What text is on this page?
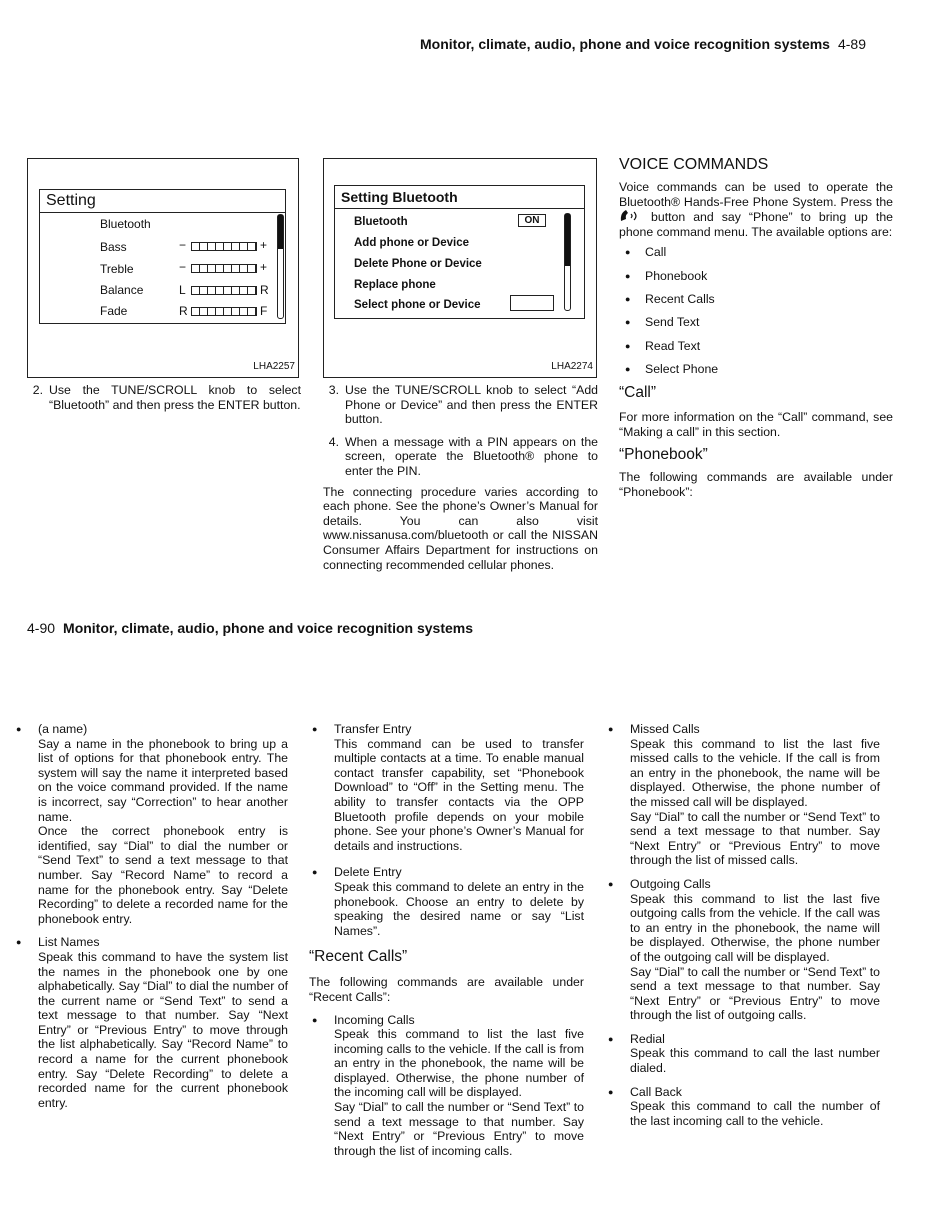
Monitor, climate, audio, phone and voice recognition systems 4-89
Setting
Bluetooth
Bass	−	+
Treble	−	+
Balance	L	R
Fade	R	F
LHA2257
Setting Bluetooth
Bluetooth	ON
Add phone or Device
Delete Phone or Device
Replace phone
Select phone or Device
LHA2274
2. Use the TUNE/SCROLL knob to select “Bluetooth” and then press the ENTER button.
3. Use the TUNE/SCROLL knob to select “Add Phone or Device” and then press the ENTER button.
4. When a message with a PIN appears on the screen, operate the Bluetooth® phone to enter the PIN.

The connecting procedure varies according to each phone. See the phone’s Owner’s Manual for details. You can also visit www.nissanusa.com/bluetooth or call the NISSAN Consumer Affairs Department for instructions on connecting recommended cellular phones.

VOICE COMMANDS

Voice commands can be used to operate the Bluetooth® Hands-Free Phone System. Press the  button and say “Phone” to bring up the phone command menu. The available options are:

● Call
● Phonebook
● Recent Calls
● Send Text
● Read Text
● Select Phone
“Call”

For more information on the “Call” command, see “Making a call” in this section.

“Phonebook”

The following commands are available under “Phonebook”:

4-90 Monitor, climate, audio, phone and voice recognition systems
● (a name)
Say a name in the phonebook to bring up a list of options for that phonebook entry. The system will say the name it interpreted based on the voice command provided. If the name is incorrect, say “Correction” to hear another name.
Once the correct phonebook entry is identified, say “Dial” to dial the number or “Send Text” to send a text message to that number. Say “Record Name” to record a name for the phonebook entry. Say “Delete Recording” to delete a recorded name for the phonebook entry.
● List Names
Speak this command to have the system list the names in the phonebook one by one alphabetically. Say “Dial” to dial the number of the current name or “Send Text” to send a text message to that number. Say “Next Entry” or “Previous Entry” to move through the list alphabetically. Say “Record Name” to record a name for the current phonebook entry. Say “Delete Recording” to delete a recorded name for the current phonebook entry.
● Transfer Entry
This command can be used to transfer multiple contacts at a time. To enable manual contact transfer capability, set “Phonebook Download” to “Off” in the Setting menu. The ability to transfer contacts via the OPP Bluetooth profile depends on your mobile phone. See your phone’s Owner’s Manual for details and instructions.
● Delete Entry
Speak this command to delete an entry in the phonebook. Choose an entry to delete by speaking the desired name or say “List Names”.
“Recent Calls”

The following commands are available under “Recent Calls”:

● Incoming Calls
Speak this command to list the last five incoming calls to the vehicle. If the call is from an entry in the phonebook, the name will be displayed. Otherwise, the phone number of the incoming call will be displayed.
Say “Dial” to call the number or “Send Text” to send a text message to that number. Say “Next Entry” or “Previous Entry” to move through the list of incoming calls.
● Missed Calls
Speak this command to list the last five missed calls to the vehicle. If the call is from an entry in the phonebook, the name will be displayed. Otherwise, the phone number of the missed call will be displayed.
Say “Dial” to call the number or “Send Text” to send a text message to that number. Say “Next Entry” or “Previous Entry” to move through the list of missed calls.
● Outgoing Calls
Speak this command to list the last five outgoing calls from the vehicle. If the call was to an entry in the phonebook, the name will be displayed. Otherwise, the phone number of the outgoing call will be displayed.
Say “Dial” to call the number or “Send Text” to send a text message to that number. Say “Next Entry” or “Previous Entry” to move through the list of outgoing calls.
● Redial
Speak this command to call the last number dialed.
● Call Back
Speak this command to call the number of the last incoming call to the vehicle.
